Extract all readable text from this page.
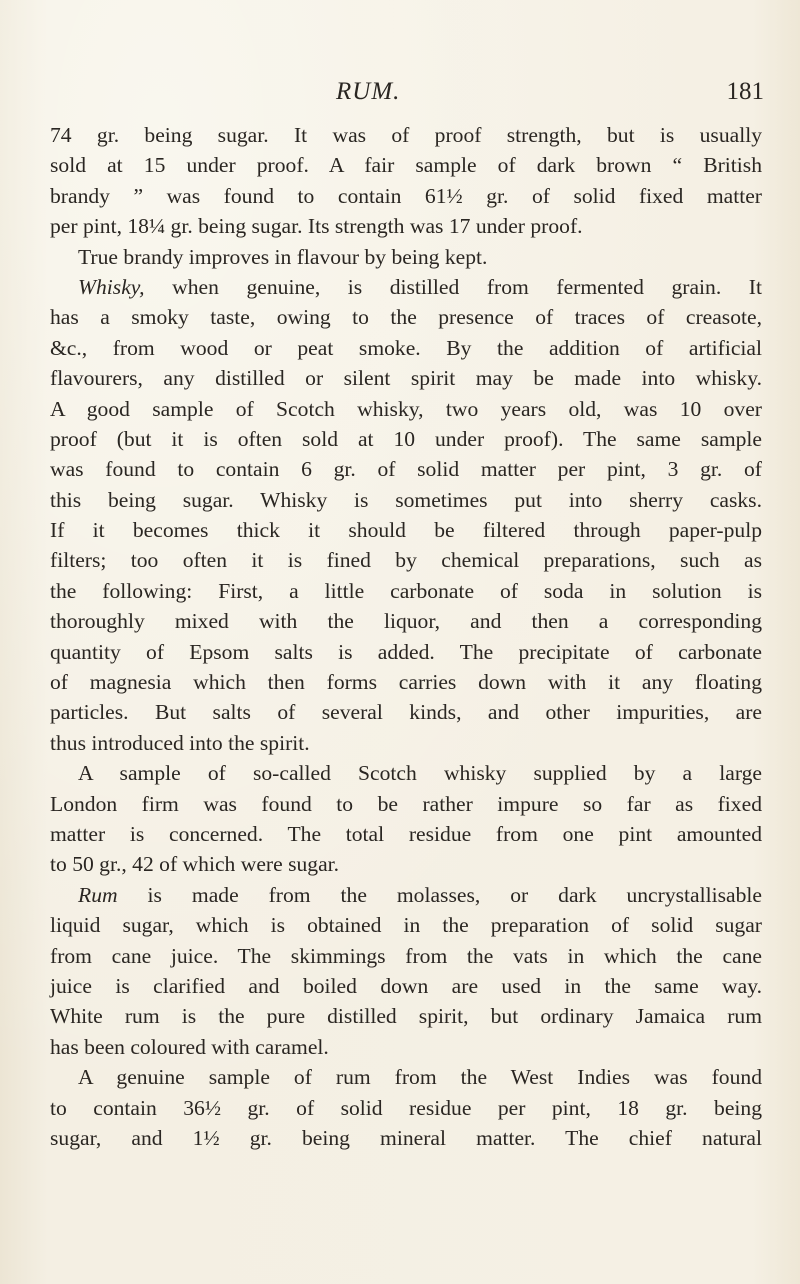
RUM.	181
74 gr. being sugar. It was of proof strength, but is usually
sold at 15 under proof. A fair sample of dark brown “ British
brandy ” was found to contain 61½ gr. of solid fixed matter
per pint, 18¼ gr. being sugar. Its strength was 17 under proof.
True brandy improves in flavour by being kept.
Whisky, when genuine, is distilled from fermented grain. It
has a smoky taste, owing to the presence of traces of creasote,
&c., from wood or peat smoke. By the addition of artificial
flavourers, any distilled or silent spirit may be made into whisky.
A good sample of Scotch whisky, two years old, was 10 over
proof (but it is often sold at 10 under proof). The same sample
was found to contain 6 gr. of solid matter per pint, 3 gr. of
this being sugar. Whisky is sometimes put into sherry casks.
If it becomes thick it should be filtered through paper-pulp
filters; too often it is fined by chemical preparations, such as
the following: First, a little carbonate of soda in solution is
thoroughly mixed with the liquor, and then a corresponding
quantity of Epsom salts is added. The precipitate of carbonate
of magnesia which then forms carries down with it any floating
particles. But salts of several kinds, and other impurities, are
thus introduced into the spirit.
A sample of so-called Scotch whisky supplied by a large
London firm was found to be rather impure so far as fixed
matter is concerned. The total residue from one pint amounted
to 50 gr., 42 of which were sugar.
Rum is made from the molasses, or dark uncrystallisable
liquid sugar, which is obtained in the preparation of solid sugar
from cane juice. The skimmings from the vats in which the cane
juice is clarified and boiled down are used in the same way.
White rum is the pure distilled spirit, but ordinary Jamaica rum
has been coloured with caramel.
A genuine sample of rum from the West Indies was found
to contain 36½ gr. of solid residue per pint, 18 gr. being
sugar, and 1½ gr. being mineral matter. The chief natural
